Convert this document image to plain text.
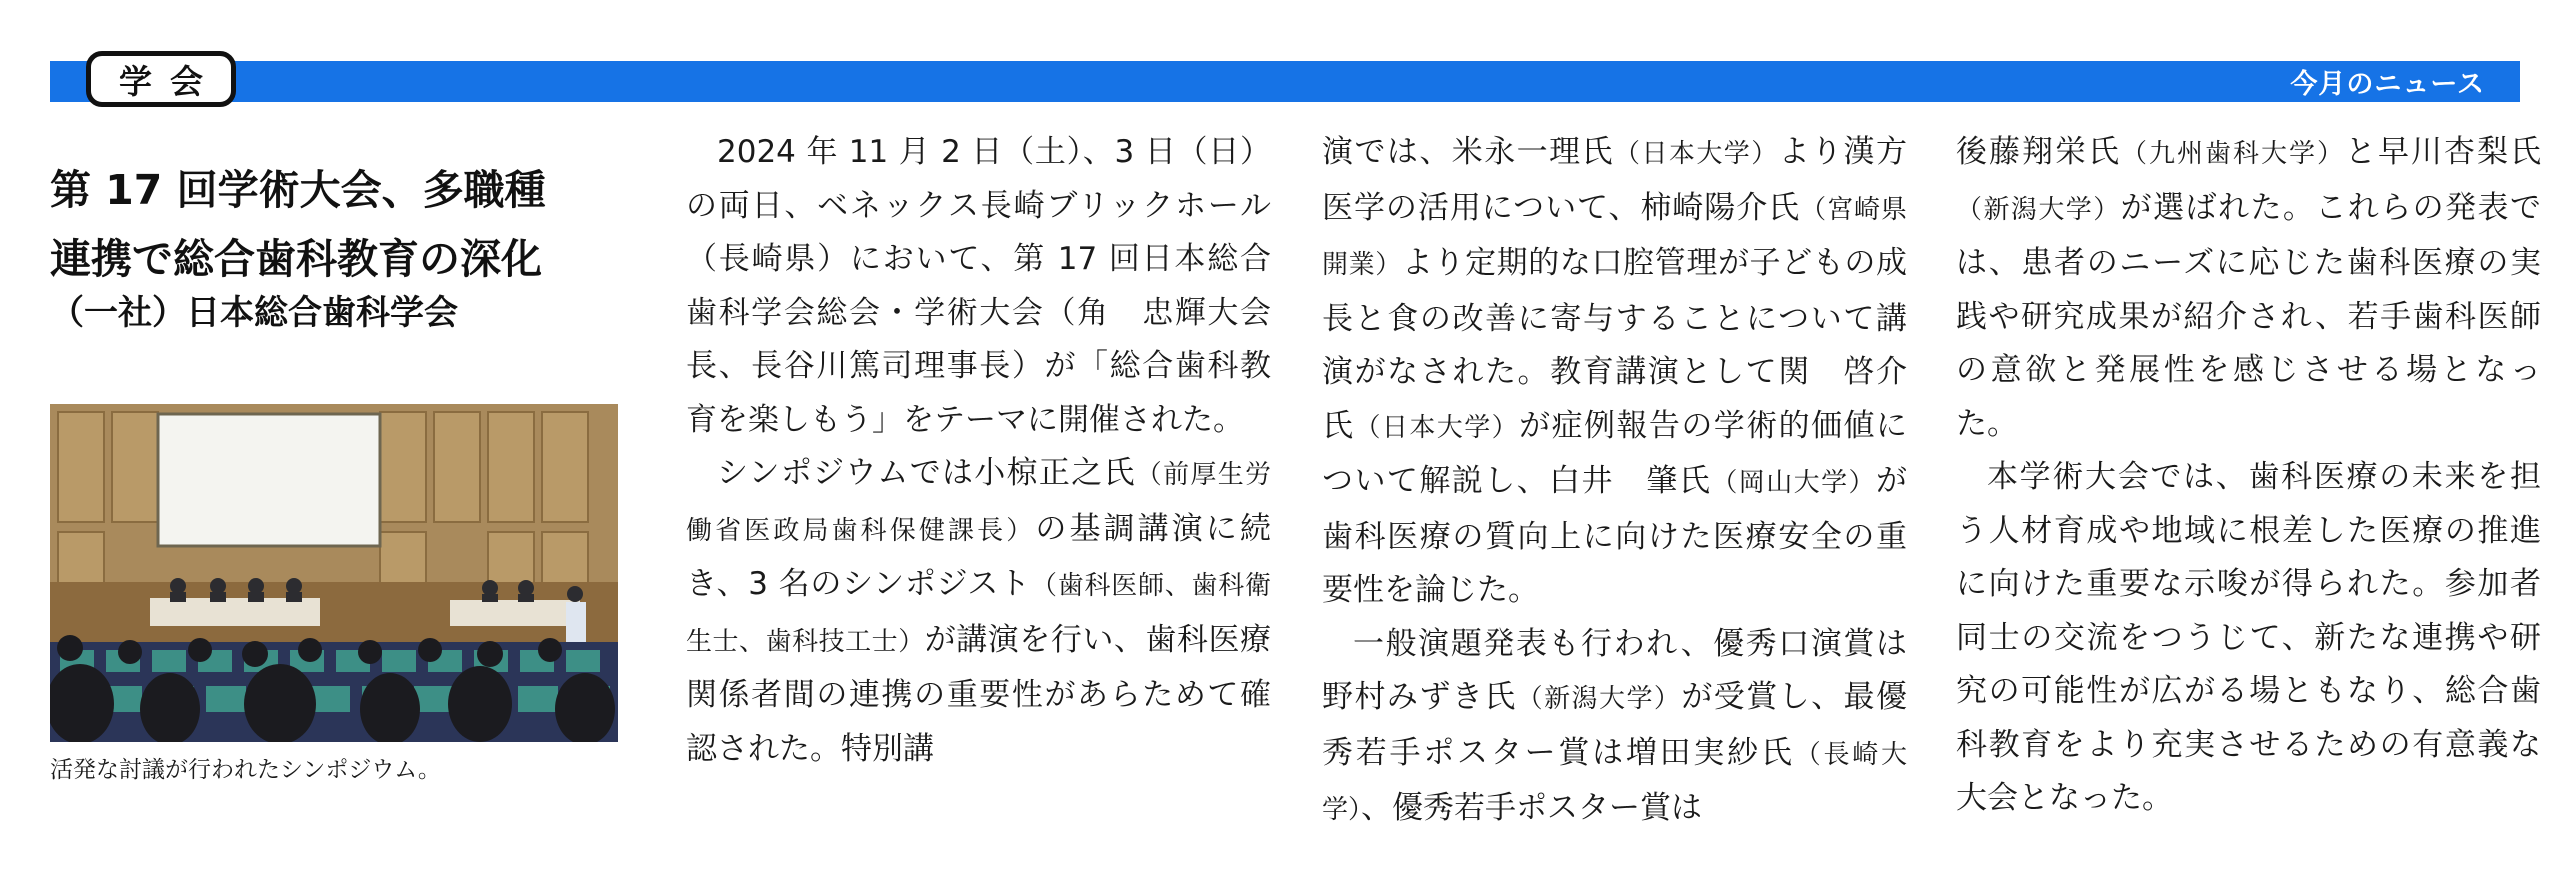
学会	今月のニュース
第 17 回学術大会、多職種
連携で総合歯科教育の深化
（一社）日本総合歯科学会
活発な討議が行われたシンポジウム。

2024 年 11 月 2 日（土）、3 日（日）の両日、ベネックス長崎ブリックホール（長崎県）において、第 17 回日本総合歯科学会総会・学術大会（角　忠輝大会長、長谷川篤司理事長）が「総合歯科教育を楽しもう」をテーマに開催された。

シンポジウムでは小椋正之氏（前厚生労働省医政局歯科保健課長）の基調講演に続き、3 名のシンポジスト（歯科医師、歯科衛生士、歯科技工士）が講演を行い、歯科医療関係者間の連携の重要性があらためて確認された。特別講

演では、米永一理氏（日本大学）より漢方医学の活用について、柿崎陽介氏（宮崎県開業）より定期的な口腔管理が子どもの成長と食の改善に寄与することについて講演がなされた。教育講演として関　啓介氏（日本大学）が症例報告の学術的価値について解説し、白井　肇氏（岡山大学）が歯科医療の質向上に向けた医療安全の重要性を論じた。

一般演題発表も行われ、優秀口演賞は野村みずき氏（新潟大学）が受賞し、最優秀若手ポスター賞は増田実紗氏（長崎大学）、優秀若手ポスター賞は

後藤翔栄氏（九州歯科大学）と早川杏梨氏（新潟大学）が選ばれた。これらの発表では、患者のニーズに応じた歯科医療の実践や研究成果が紹介され、若手歯科医師の意欲と発展性を感じさせる場となった。

本学術大会では、歯科医療の未来を担う人材育成や地域に根差した医療の推進に向けた重要な示唆が得られた。参加者同士の交流をつうじて、新たな連携や研究の可能性が広がる場ともなり、総合歯科教育をより充実させるための有意義な大会となった。
